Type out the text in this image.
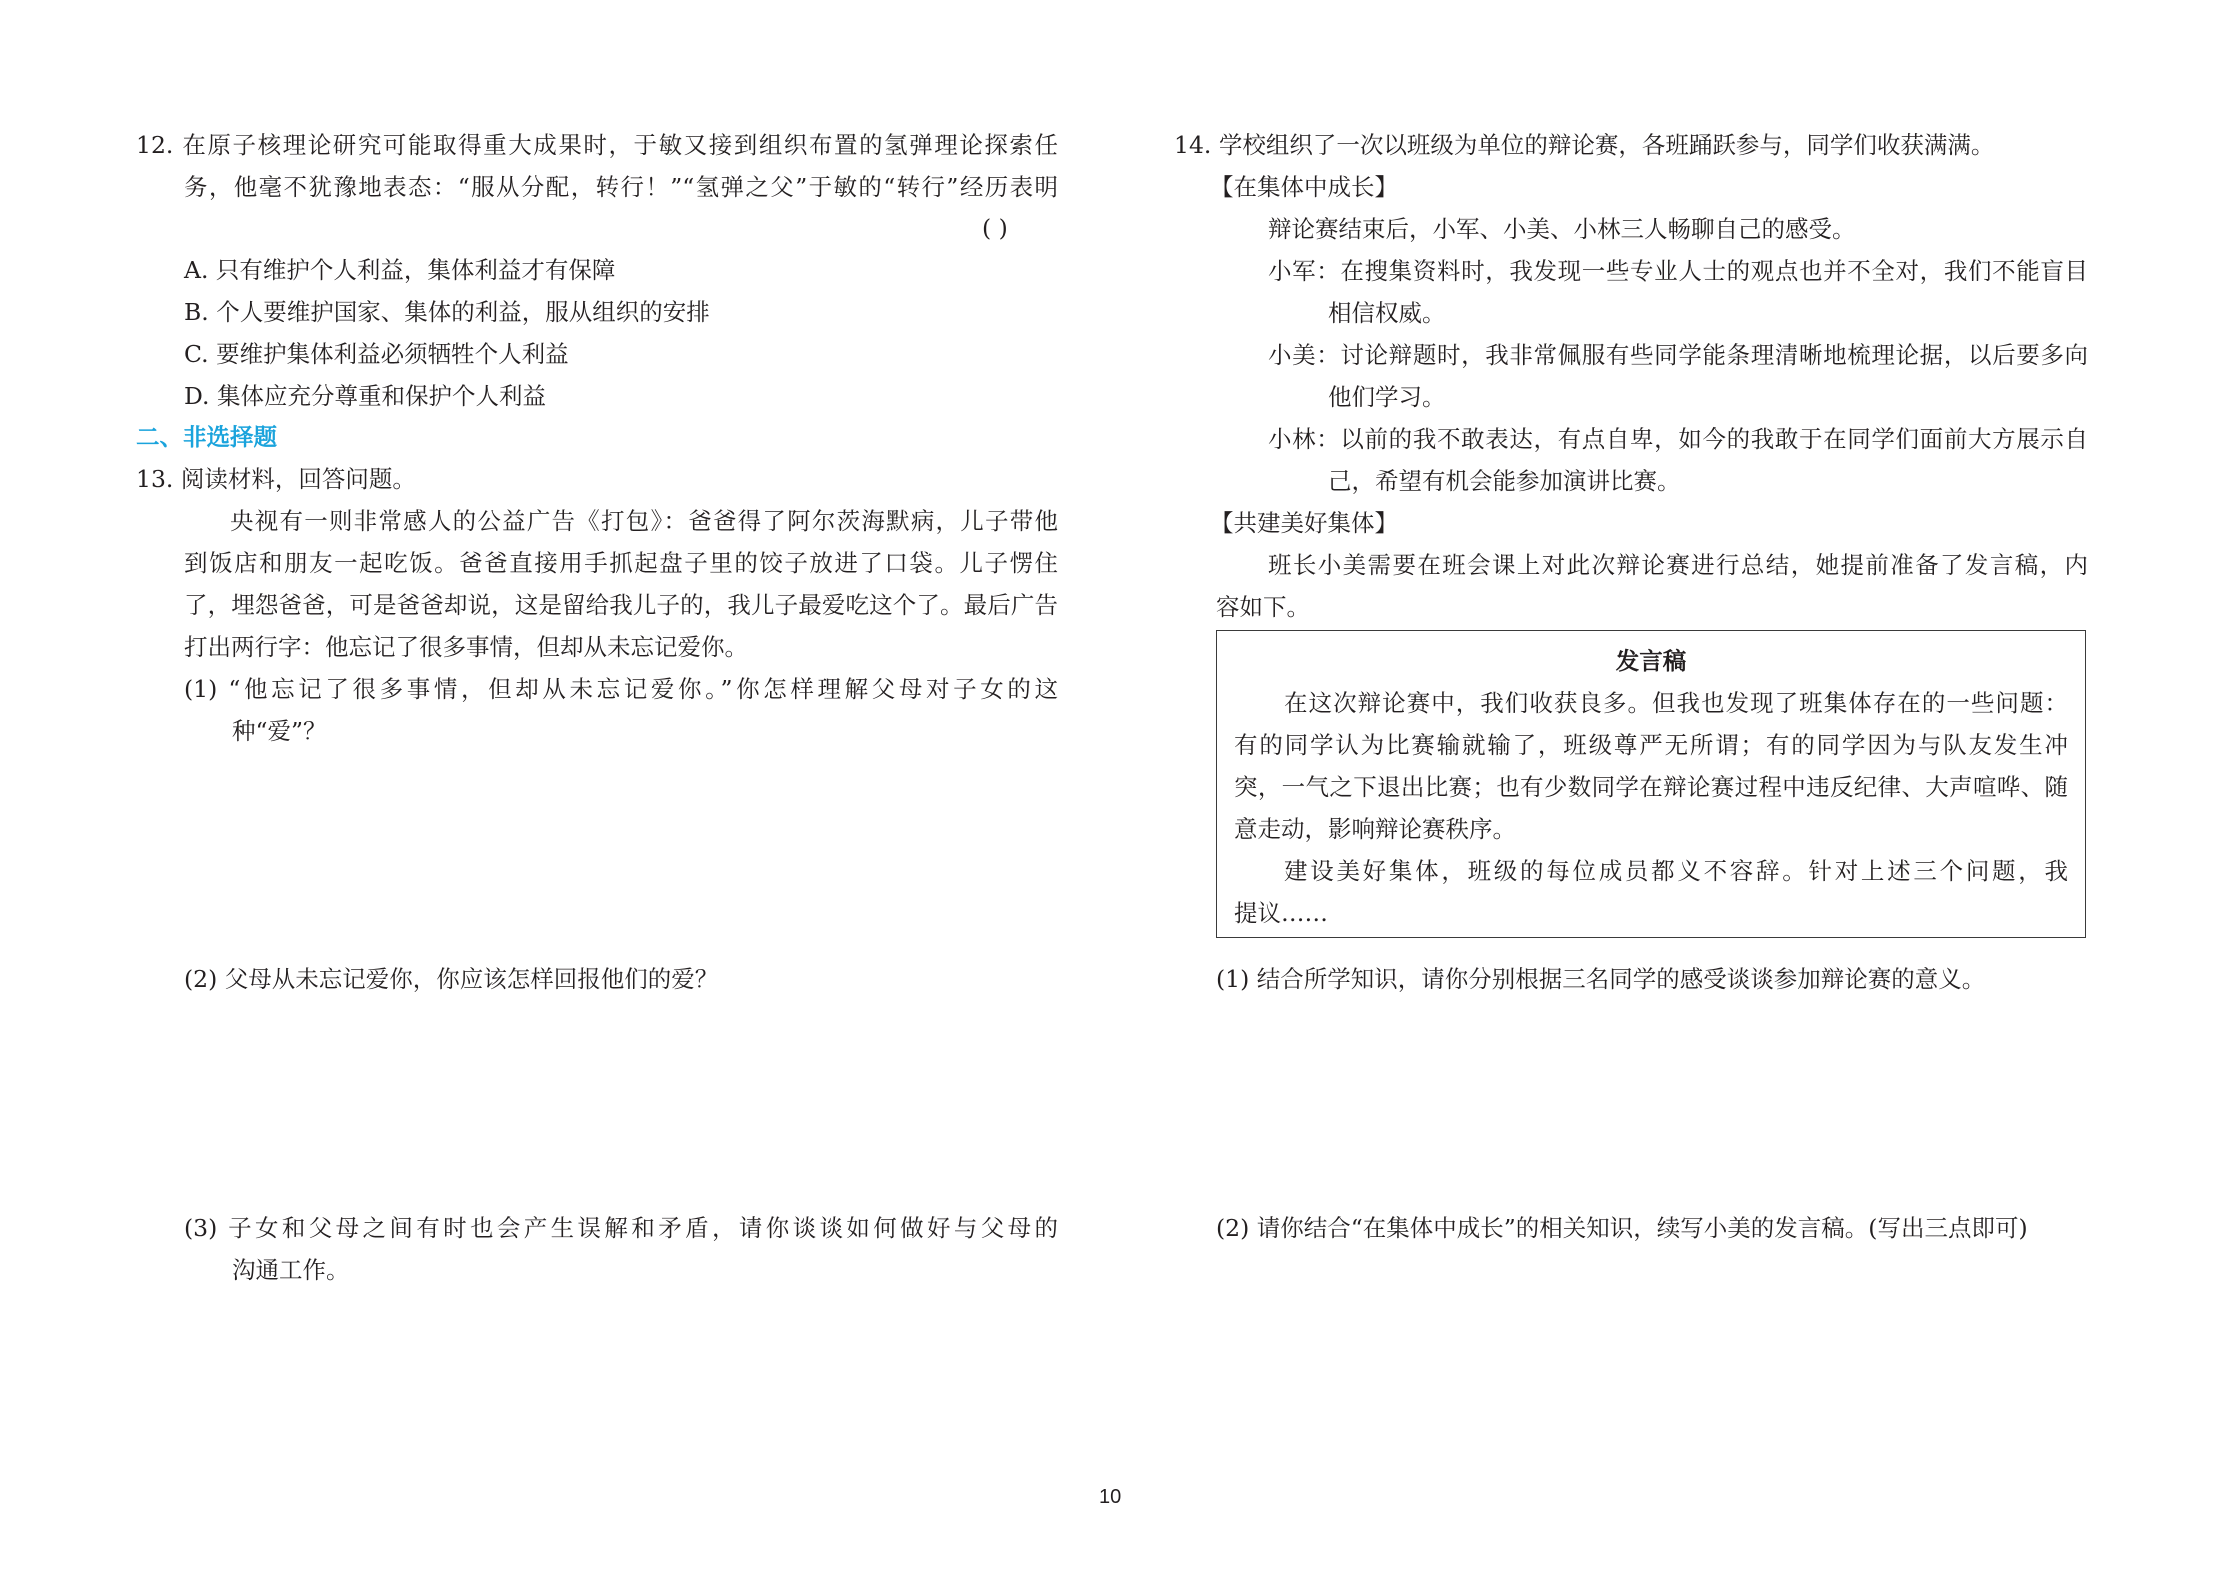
12. 在原子核理论研究可能取得重大成果时，于敏又接到组织布置的氢弹理论探索任
务，他毫不犹豫地表态：“服从分配，转行！”“氢弹之父”于敏的“转行”经历表明
( )
A. 只有维护个人利益，集体利益才有保障
B. 个人要维护国家、集体的利益，服从组织的安排
C. 要维护集体利益必须牺牲个人利益
D. 集体应充分尊重和保护个人利益
二、非选择题
13. 阅读材料，回答问题。
央视有一则非常感人的公益广告《打包》：爸爸得了阿尔茨海默病，儿子带他
到饭店和朋友一起吃饭。爸爸直接用手抓起盘子里的饺子放进了口袋。儿子愣住
了，埋怨爸爸，可是爸爸却说，这是留给我儿子的，我儿子最爱吃这个了。最后广告
打出两行字：他忘记了很多事情，但却从未忘记爱你。
(1) “他忘记了很多事情，但却从未忘记爱你。”你怎样理解父母对子女的这
种“爱”？
(2) 父母从未忘记爱你，你应该怎样回报他们的爱？
(3) 子女和父母之间有时也会产生误解和矛盾，请你谈谈如何做好与父母的
沟通工作。
14. 学校组织了一次以班级为单位的辩论赛，各班踊跃参与，同学们收获满满。
【在集体中成长】
辩论赛结束后，小军、小美、小林三人畅聊自己的感受。
小军：在搜集资料时，我发现一些专业人士的观点也并不全对，我们不能盲目
相信权威。
小美：讨论辩题时，我非常佩服有些同学能条理清晰地梳理论据，以后要多向
他们学习。
小林：以前的我不敢表达，有点自卑，如今的我敢于在同学们面前大方展示自
己，希望有机会能参加演讲比赛。
【共建美好集体】
班长小美需要在班会课上对此次辩论赛进行总结，她提前准备了发言稿，内
容如下。
发言稿
在这次辩论赛中，我们收获良多。但我也发现了班集体存在的一些问题：
有的同学认为比赛输就输了，班级尊严无所谓；有的同学因为与队友发生冲
突，一气之下退出比赛；也有少数同学在辩论赛过程中违反纪律、大声喧哗、随
意走动，影响辩论赛秩序。
建设美好集体，班级的每位成员都义不容辞。针对上述三个问题，我
提议……
(1) 结合所学知识，请你分别根据三名同学的感受谈谈参加辩论赛的意义。
(2) 请你结合“在集体中成长”的相关知识，续写小美的发言稿。(写出三点即可)
10
